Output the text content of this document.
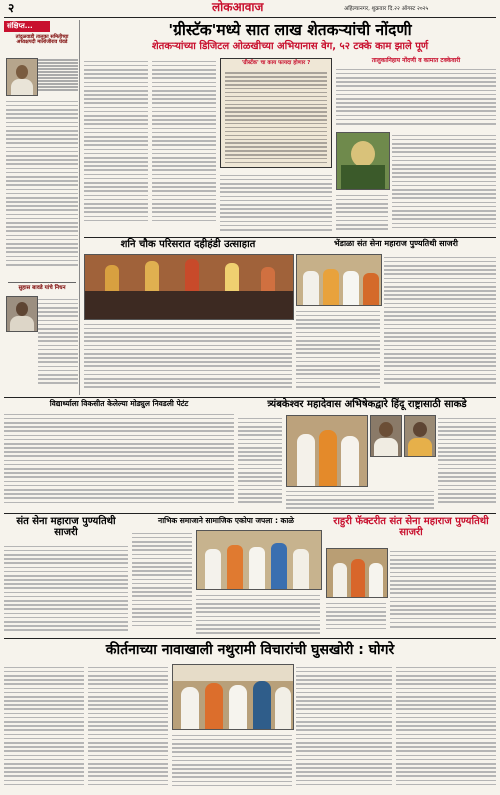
२	लोकआवाज	अहिल्यानगर, शुक्रवार दि.२२ ऑगस्ट २०२५
संक्षिप्त...
तांदुळवाडी तालुका समितीच्या अध्यक्षपदी मालोजीराव घेवडे
सुहास बावडे यांचे निधन
'ग्रीस्टॅक'मध्ये सात लाख शेतकऱ्यांची नोंदणी
शेतकऱ्यांच्या डिजिटल ओळखीच्या अभियानास वेग, ५२ टक्के काम झाले पूर्ण
'ग्रीस्टॅक' चा काय फायदा होणार ?	तालुकानिहाय नोंदणी व कामात टक्केवारी
शनि चौक परिसरात दहीहंडी उत्साहात	भेंडाळा संत सेना महाराज पुण्यतिथी साजरी
विद्यार्थ्याला विकसीत केलेल्या मोड्युल निवडली पेटंट	त्र्यंबकेश्वर महादेवास अभिषेकद्वारे हिंदू राष्ट्रासाठी साकडे
संत सेना महाराज पुण्यतिथी साजरी
नाभिक समाजाने सामाजिक एकोपा जपला : काळे	राहुरी फॅक्टरीत संत सेना महाराज पुण्यतिथी साजरी
कीर्तनाच्या नावाखाली नथुरामी विचारांची घुसखोरी : घोगरे
